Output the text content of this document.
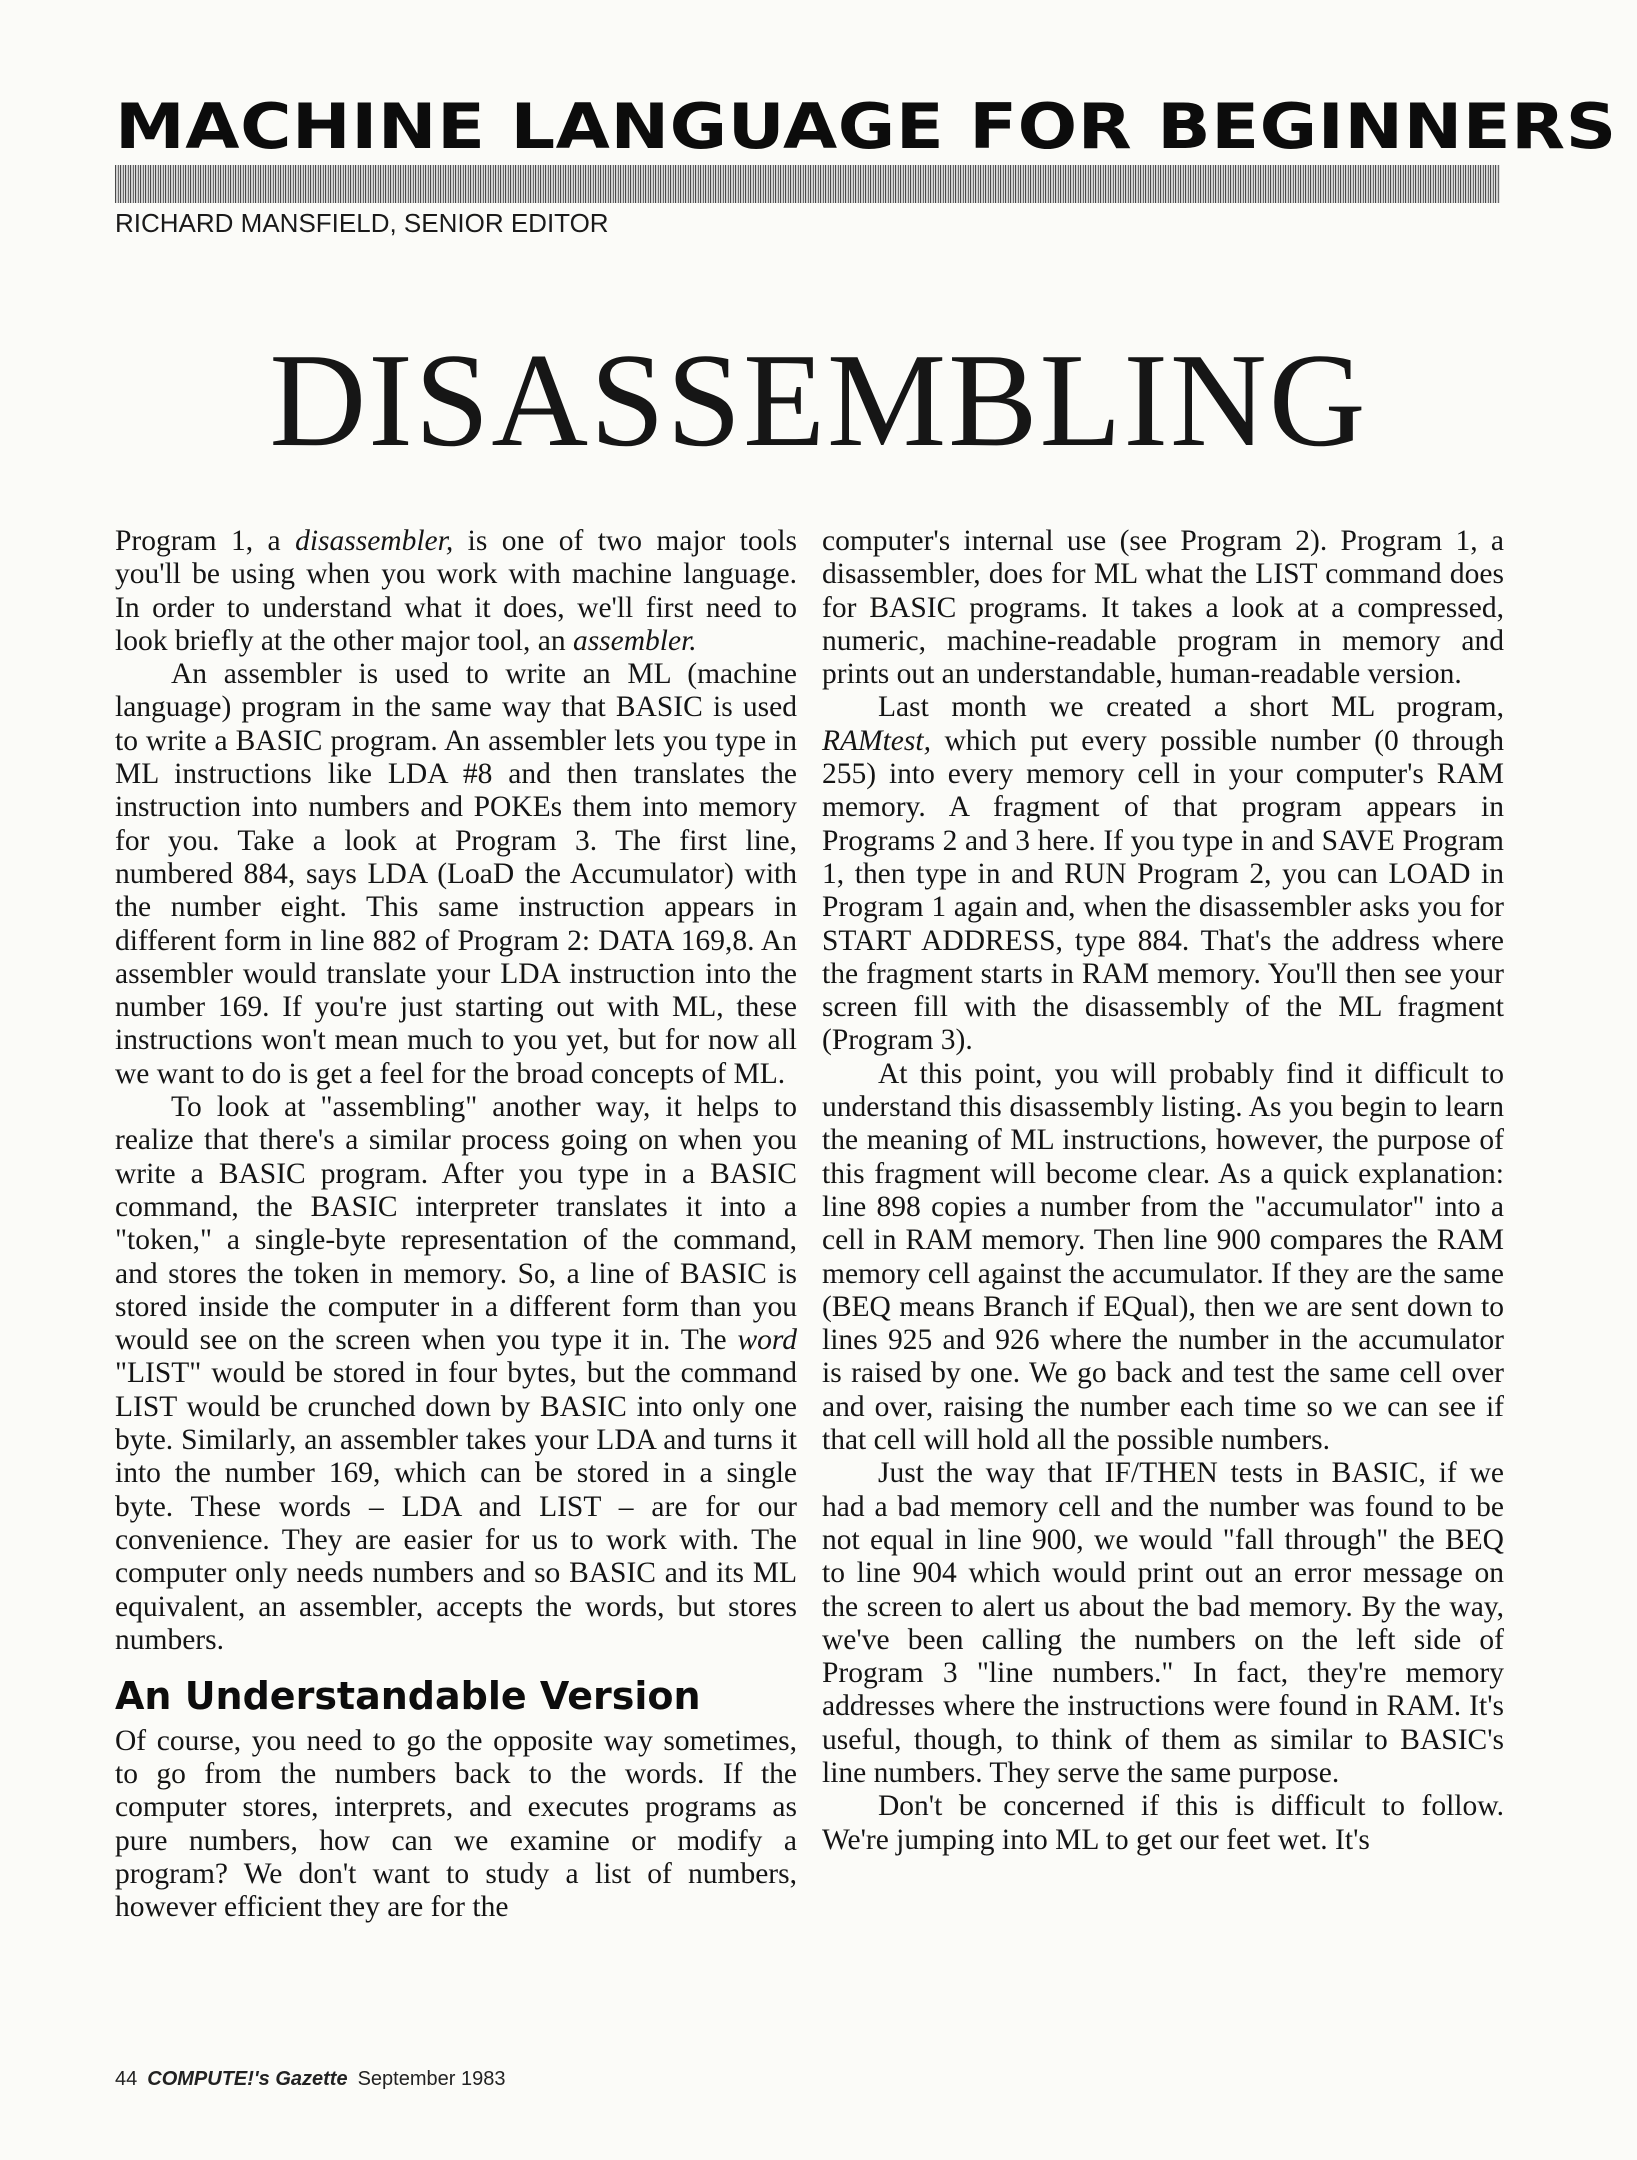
MACHINE LANGUAGE FOR BEGINNERS

RICHARD MANSFIELD, SENIOR EDITOR

DISASSEMBLING

Program 1, a disassembler, is one of two major tools you'll be using when you work with machine language. In order to understand what it does, we'll first need to look briefly at the other major tool, an assembler.

An assembler is used to write an ML (machine language) program in the same way that BASIC is used to write a BASIC program. An assembler lets you type in ML instructions like LDA #8 and then translates the instruction into numbers and POKEs them into memory for you. Take a look at Program 3. The first line, numbered 884, says LDA (LoaD the Accumulator) with the number eight. This same instruction appears in different form in line 882 of Program 2: DATA 169,8. An assembler would translate your LDA instruction into the number 169. If you're just starting out with ML, these instructions won't mean much to you yet, but for now all we want to do is get a feel for the broad concepts of ML.

To look at "assembling" another way, it helps to realize that there's a similar process going on when you write a BASIC program. After you type in a BASIC command, the BASIC interpreter translates it into a "token," a single-byte representation of the command, and stores the token in memory. So, a line of BASIC is stored inside the computer in a different form than you would see on the screen when you type it in. The word "LIST" would be stored in four bytes, but the command LIST would be crunched down by BASIC into only one byte. Similarly, an assembler takes your LDA and turns it into the number 169, which can be stored in a single byte. These words – LDA and LIST – are for our convenience. They are easier for us to work with. The computer only needs numbers and so BASIC and its ML equivalent, an assembler, accepts the words, but stores numbers.

An Understandable Version

Of course, you need to go the opposite way sometimes, to go from the numbers back to the words. If the computer stores, interprets, and executes programs as pure numbers, how can we examine or modify a program? We don't want to study a list of numbers, however efficient they are for the

computer's internal use (see Program 2). Program 1, a disassembler, does for ML what the LIST command does for BASIC programs. It takes a look at a compressed, numeric, machine-readable program in memory and prints out an understandable, human-readable version.

Last month we created a short ML program, RAMtest, which put every possible number (0 through 255) into every memory cell in your computer's RAM memory. A fragment of that program appears in Programs 2 and 3 here. If you type in and SAVE Program 1, then type in and RUN Program 2, you can LOAD in Program 1 again and, when the disassembler asks you for START ADDRESS, type 884. That's the address where the fragment starts in RAM memory. You'll then see your screen fill with the disassembly of the ML fragment (Program 3).

At this point, you will probably find it difficult to understand this disassembly listing. As you begin to learn the meaning of ML instructions, however, the purpose of this fragment will become clear. As a quick explanation: line 898 copies a number from the "accumulator" into a cell in RAM memory. Then line 900 compares the RAM memory cell against the accumulator. If they are the same (BEQ means Branch if EQual), then we are sent down to lines 925 and 926 where the number in the accumulator is raised by one. We go back and test the same cell over and over, raising the number each time so we can see if that cell will hold all the possible numbers.

Just the way that IF/THEN tests in BASIC, if we had a bad memory cell and the number was found to be not equal in line 900, we would "fall through" the BEQ to line 904 which would print out an error message on the screen to alert us about the bad memory. By the way, we've been calling the numbers on the left side of Program 3 "line numbers." In fact, they're memory addresses where the instructions were found in RAM. It's useful, though, to think of them as similar to BASIC's line numbers. They serve the same purpose.

Don't be concerned if this is difficult to follow. We're jumping into ML to get our feet wet. It's

44 COMPUTE!'s Gazette September 1983
